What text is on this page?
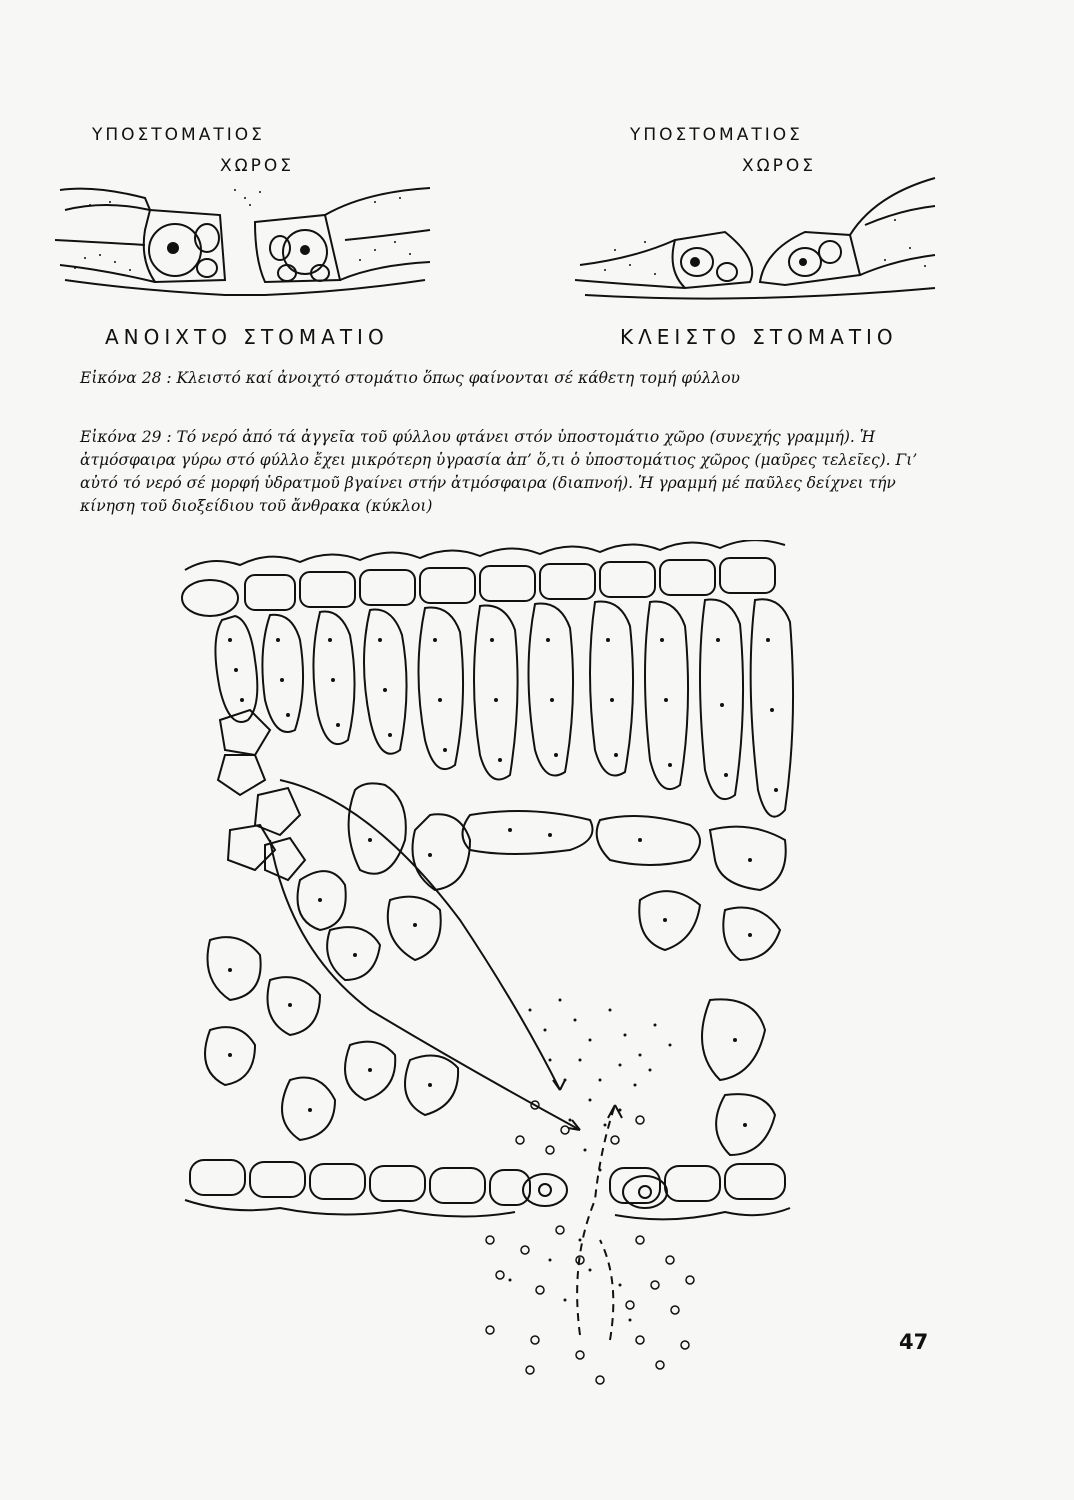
ΥΠΟΣΤΟΜΑΤΙΟΣ
ΧΩΡΟΣ
ΥΠΟΣΤΟΜΑΤΙΟΣ
ΧΩΡΟΣ
ΑΝΟΙΧΤΟ ΣΤΟΜΑΤΙΟ	ΚΛΕΙΣΤΟ ΣΤΟΜΑΤΙΟ
Εἰκόνα 28 : Κλειστό καί ἀνοιχτό στομάτιο ὅπως φαίνονται σέ κάθετη τομή φύλλου
Εἰκόνα 29 : Τό νερό ἀπό τά ἀγγεῖα τοῦ φύλλου φτάνει στόν ὑποστομάτιο χῶρο (συνεχής γραμμή). Ἡ ἀτμόσφαιρα γύρω στό φύλλο ἔχει μικρότερη ὑγρασία ἀπ’ ὅ,τι ὁ ὑποστομάτιος χῶρος (μαῦρες τελεῖες). Γι’ αὐτό τό νερό σέ μορφή ὑδρατμοῦ βγαίνει στήν ἀτμόσφαιρα (διαπνοή). Ἡ γραμμή μέ παῦλες δείχνει τήν κίνηση τοῦ διοξείδιου τοῦ ἄνθρακα (κύκλοι)
47
